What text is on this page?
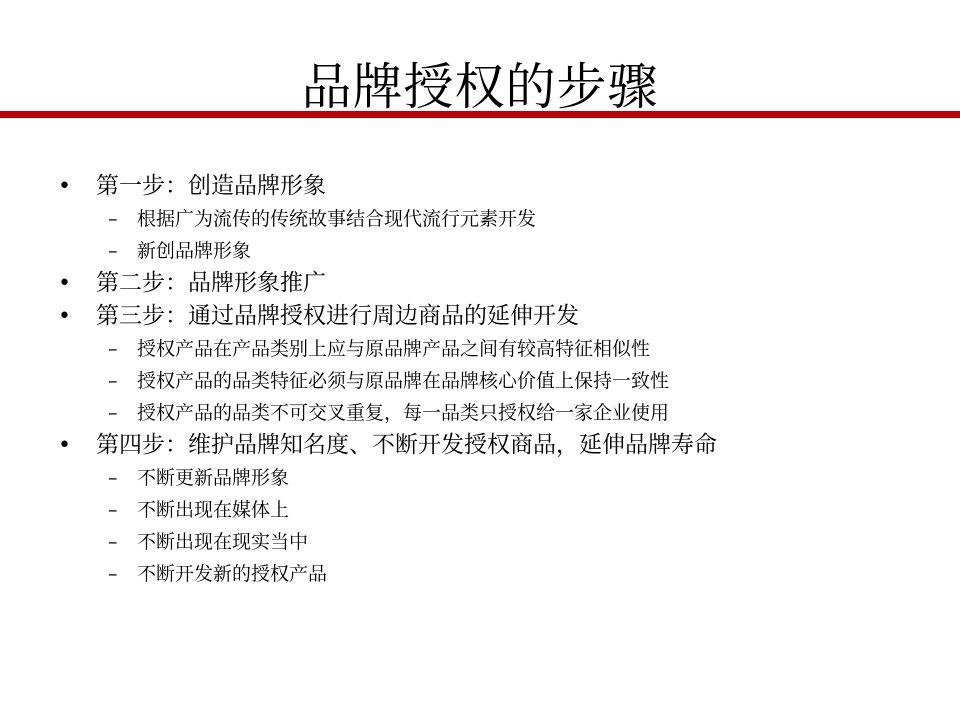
品牌授权的步骤
• 第一步：创造品牌形象
– 根据广为流传的传统故事结合现代流行元素开发
– 新创品牌形象
• 第二步：品牌形象推广
• 第三步：通过品牌授权进行周边商品的延伸开发
– 授权产品在产品类别上应与原品牌产品之间有较高特征相似性
– 授权产品的品类特征必须与原品牌在品牌核心价值上保持一致性
– 授权产品的品类不可交叉重复，每一品类只授权给一家企业使用
• 第四步：维护品牌知名度、不断开发授权商品，延伸品牌寿命
– 不断更新品牌形象
– 不断出现在媒体上
– 不断出现在现实当中
– 不断开发新的授权产品
